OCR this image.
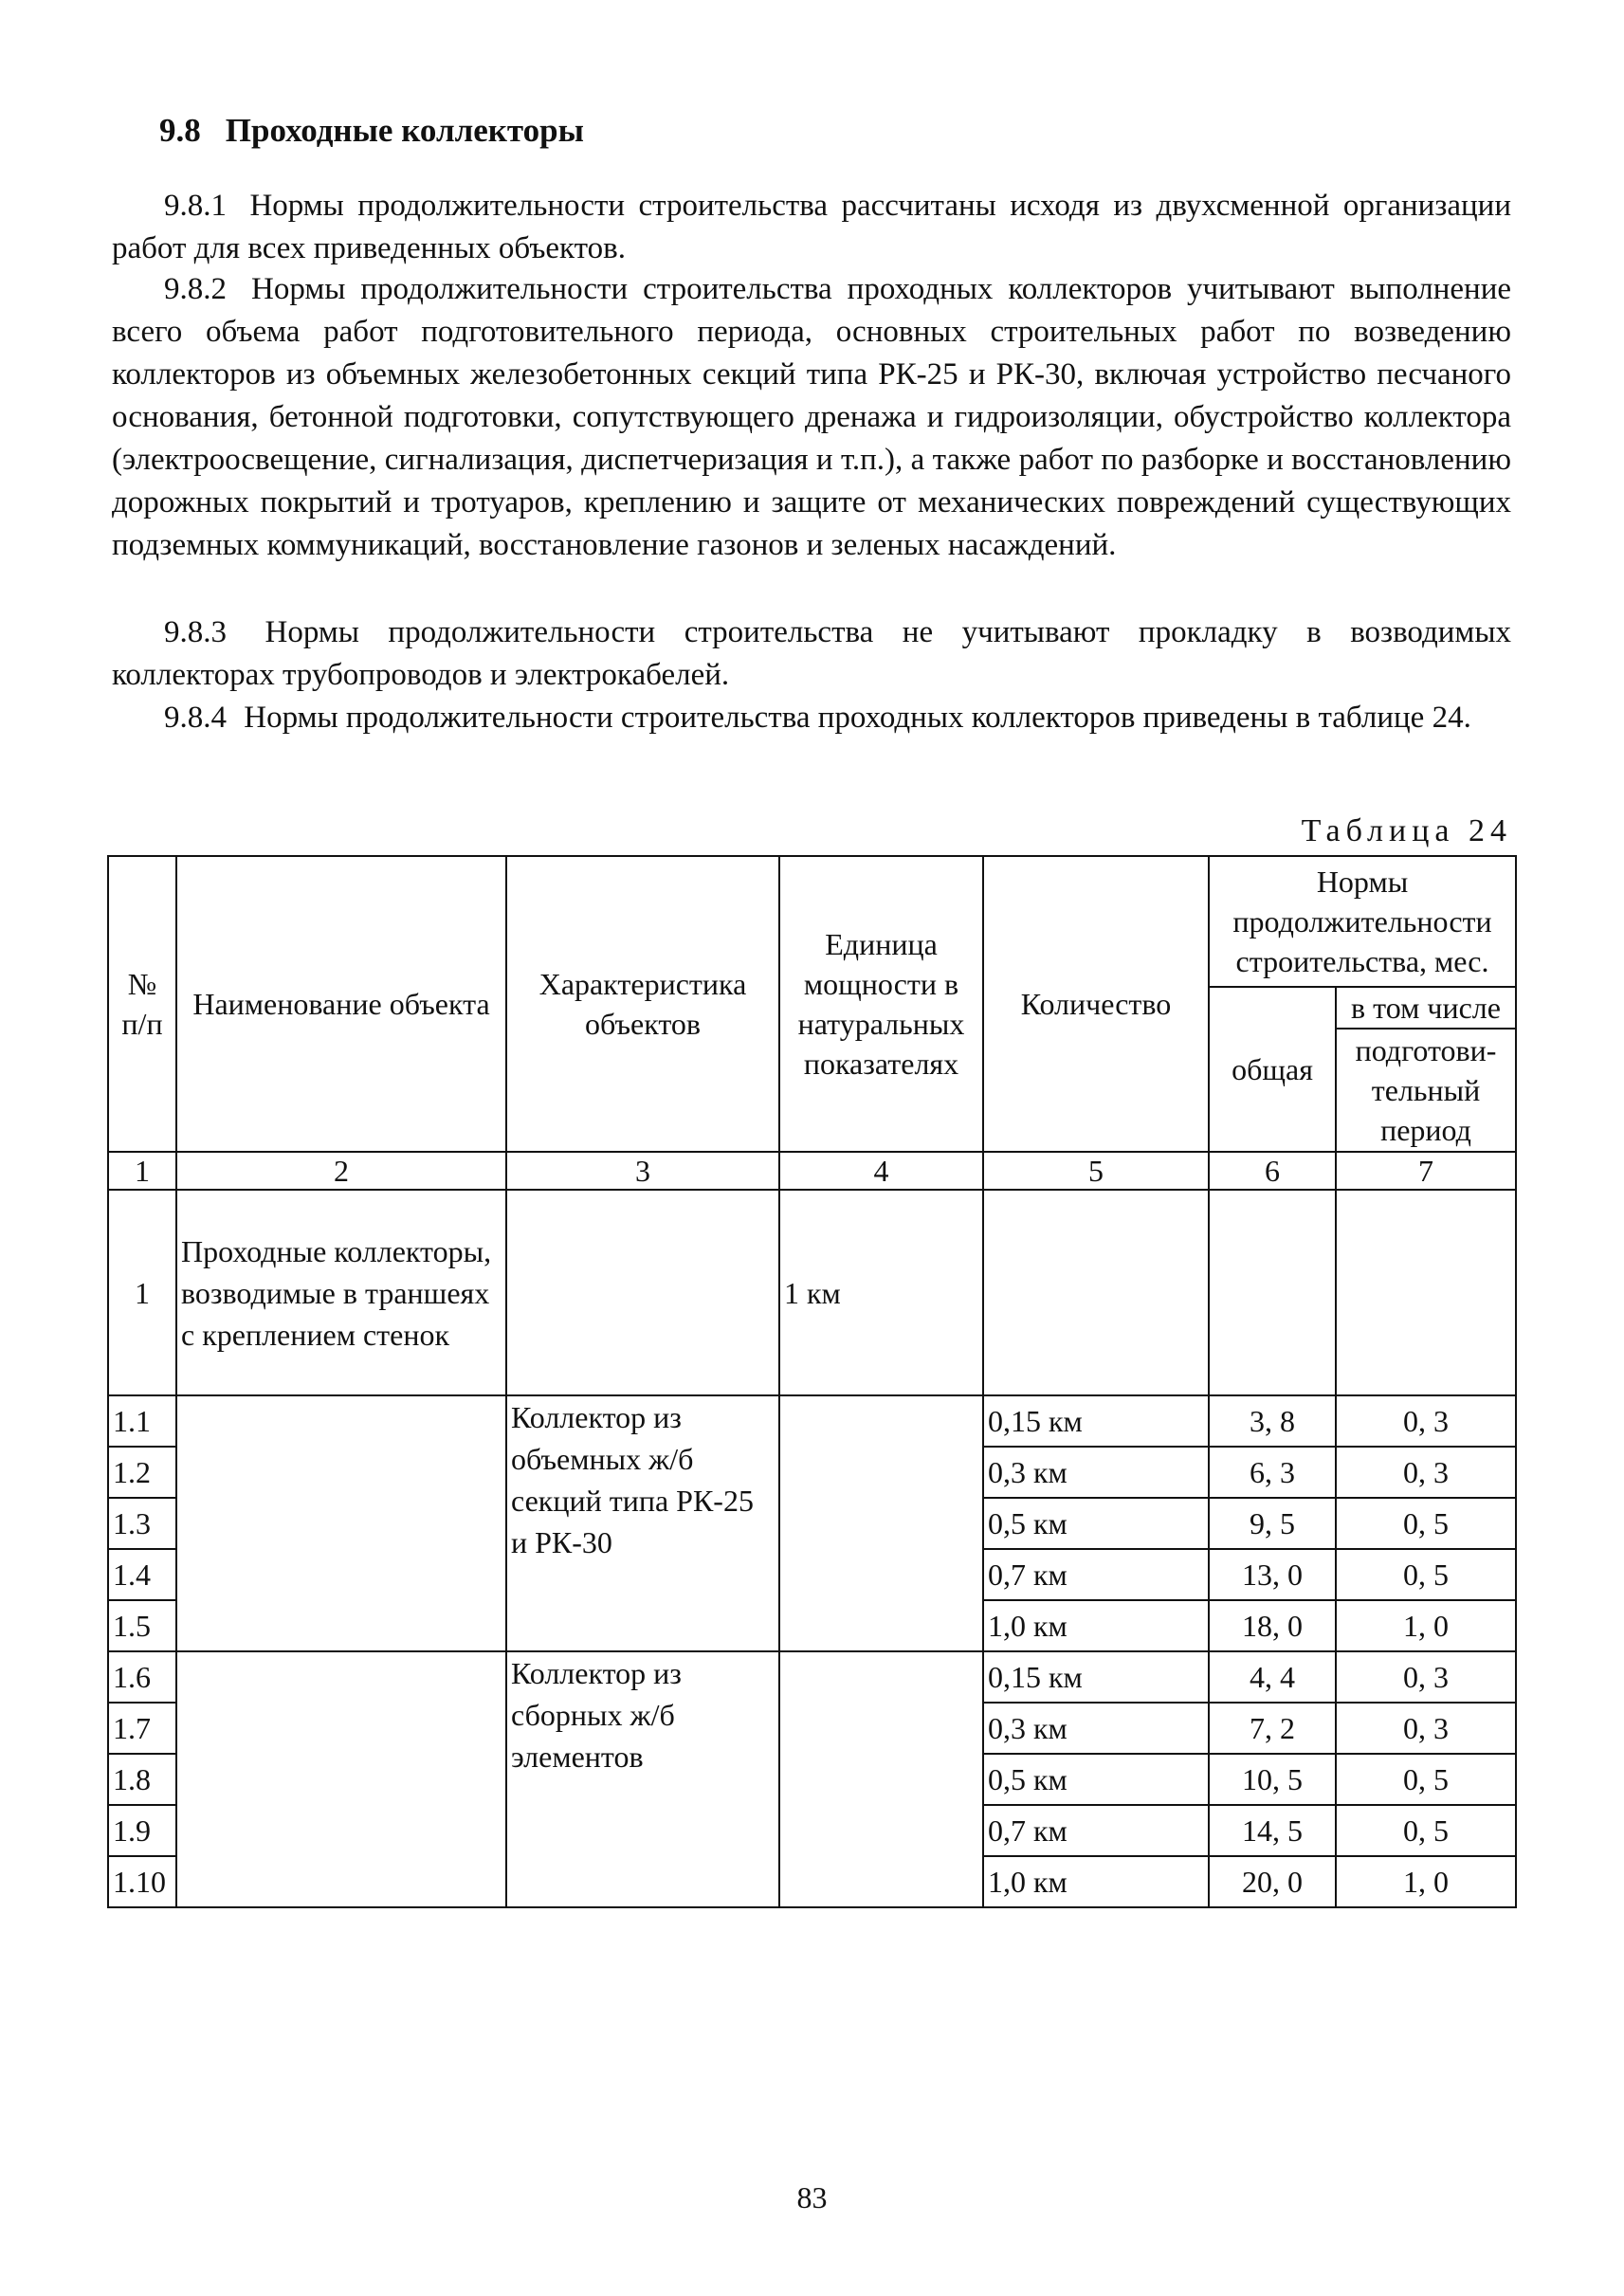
9.8 Проходные коллекторы
9.8.1 Нормы продолжительности строительства рассчитаны исходя из двухсменной организации работ для всех приведенных объектов.
9.8.2 Нормы продолжительности строительства проходных коллекторов учитывают выполнение всего объема работ подготовительного периода, основных строительных работ по возведению коллекторов из объемных железобетонных секций типа РК-25 и РК-30, включая устройство песчаного основания, бетонной подготовки, сопутствующего дренажа и гидроизоляции, обустройство коллектора (электроосвещение, сигнализация, диспетчеризация и т.п.), а также работ по разборке и восстановлению дорожных покрытий и тротуаров, креплению и защите от механических повреждений существующих подземных коммуникаций, восстановление газонов и зеленых насаждений.
9.8.3 Нормы продолжительности строительства не учитывают прокладку в возводимых коллекторах трубопроводов и электрокабелей.
9.8.4 Нормы продолжительности строительства проходных коллекторов приведены в таблице 24.
Таблица 24
№ п/п	Наименование объекта	Характеристика объектов	Единица мощности в натуральных показателях	Количество	Нормы продолжительности строительства, мес.	
					общая	в том числе
						подготови-тельный период
1	2	3	4	5	6	7
1	Проходные коллекторы, возводимые в траншеях с креплением стенок		1 км			
1.1		Коллектор из объемных ж/б секций типа РК-25 и РК-30		0,15 км	3, 8	0, 3
1.2				0,3 км	6, 3	0, 3
1.3				0,5 км	9, 5	0, 5
1.4				0,7 км	13, 0	0, 5
1.5				1,0 км	18, 0	1, 0
1.6		Коллектор из сборных ж/б элементов		0,15 км	4, 4	0, 3
1.7				0,3 км	7, 2	0, 3
1.8				0,5 км	10, 5	0, 5
1.9				0,7 км	14, 5	0, 5
1.10				1,0 км	20, 0	1, 0
83
